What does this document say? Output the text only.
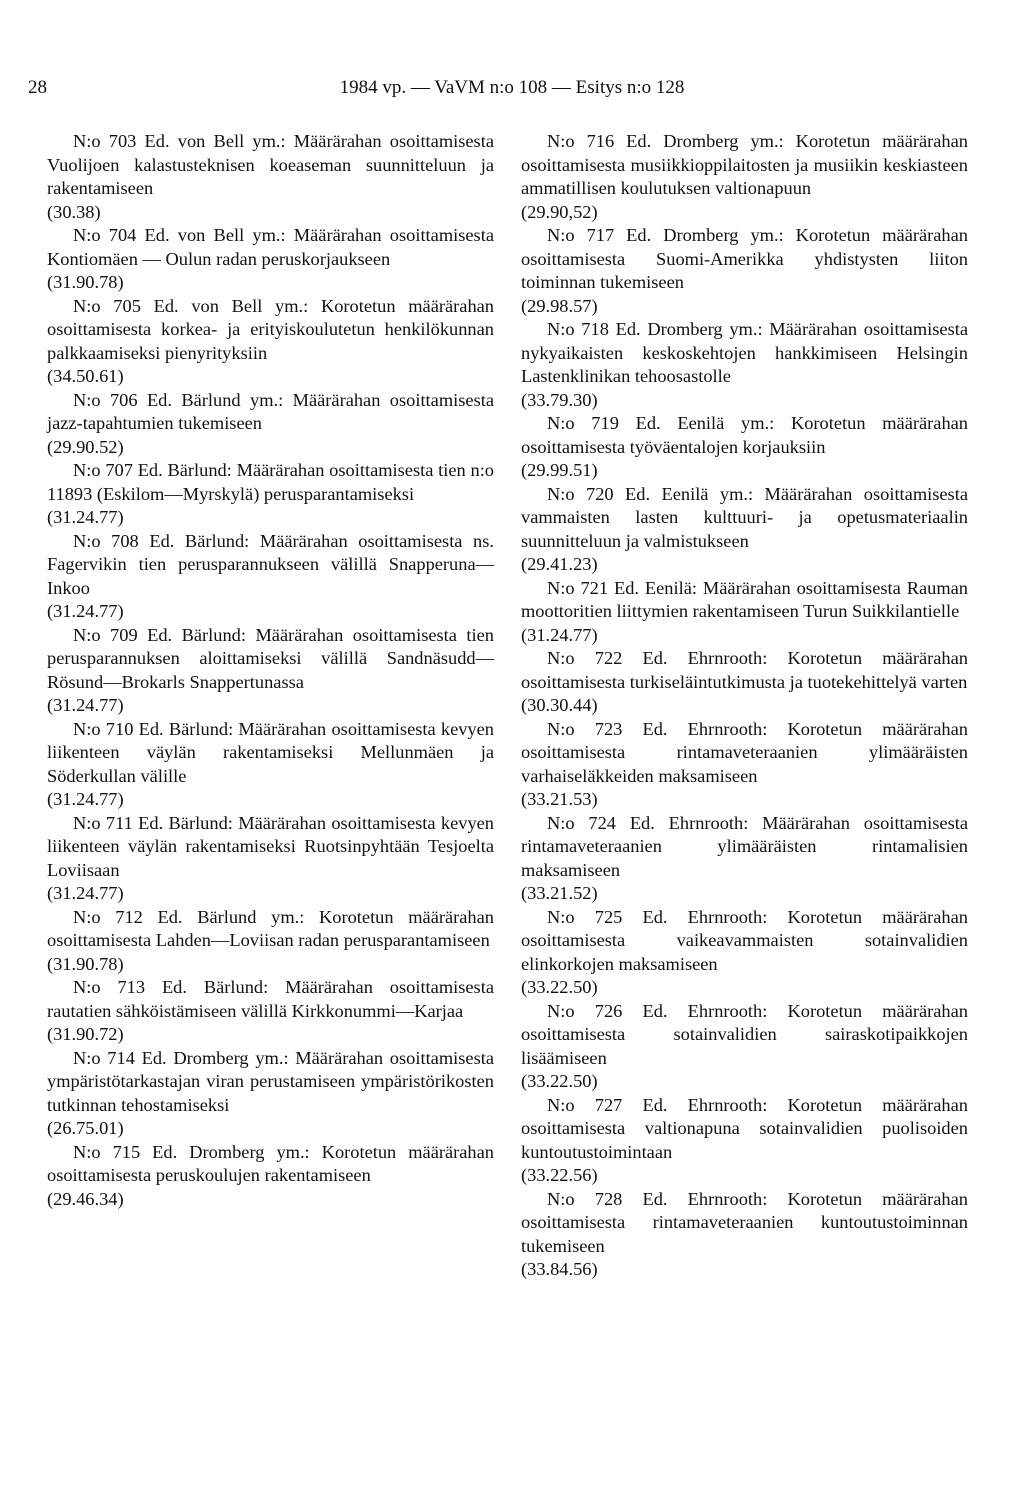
28	1984 vp. — VaVM n:o 108 — Esitys n:o 128

N:o 703 Ed. von Bell ym.: Määrärahan osoittamisesta Vuolijoen kalastusteknisen koeaseman suunnitteluun ja rakentamiseen

(30.38)

N:o 704 Ed. von Bell ym.: Määrärahan osoittamisesta Kontiomäen — Oulun radan peruskorjaukseen

(31.90.78)

N:o 705 Ed. von Bell ym.: Korotetun määrärahan osoittamisesta korkea- ja erityiskoulutetun henkilökunnan palkkaamiseksi pienyrityksiin

(34.50.61)

N:o 706 Ed. Bärlund ym.: Määrärahan osoittamisesta jazz-tapahtumien tukemiseen

(29.90.52)

N:o 707 Ed. Bärlund: Määrärahan osoittamisesta tien n:o 11893 (Eskilom—Myrskylä) perusparantamiseksi

(31.24.77)

N:o 708 Ed. Bärlund: Määrärahan osoittamisesta ns. Fagervikin tien perusparannukseen välillä Snapperuna—Inkoo

(31.24.77)

N:o 709 Ed. Bärlund: Määrärahan osoittamisesta tien perusparannuksen aloittamiseksi välillä Sandnäsudd—Rösund—Brokarls Snappertunassa

(31.24.77)

N:o 710 Ed. Bärlund: Määrärahan osoittamisesta kevyen liikenteen väylän rakentamiseksi Mellunmäen ja Söderkullan välille

(31.24.77)

N:o 711 Ed. Bärlund: Määrärahan osoittamisesta kevyen liikenteen väylän rakentamiseksi Ruotsinpyhtään Tesjoelta Loviisaan

(31.24.77)

N:o 712 Ed. Bärlund ym.: Korotetun määrärahan osoittamisesta Lahden—Loviisan radan perusparantamiseen

(31.90.78)

N:o 713 Ed. Bärlund: Määrärahan osoittamisesta rautatien sähköistämiseen välillä Kirkkonummi—Karjaa

(31.90.72)

N:o 714 Ed. Dromberg ym.: Määrärahan osoittamisesta ympäristötarkastajan viran perustamiseen ympäristörikosten tutkinnan tehostamiseksi

(26.75.01)

N:o 715 Ed. Dromberg ym.: Korotetun määrärahan osoittamisesta peruskoulujen rakentamiseen

(29.46.34)

N:o 716 Ed. Dromberg ym.: Korotetun määrärahan osoittamisesta musiikkioppilaitosten ja musiikin keskiasteen ammatillisen koulutuksen valtionapuun

(29.90,52)

N:o 717 Ed. Dromberg ym.: Korotetun määrärahan osoittamisesta Suomi-Amerikka yhdistysten liiton toiminnan tukemiseen

(29.98.57)

N:o 718 Ed. Dromberg ym.: Määrärahan osoittamisesta nykyaikaisten keskoskehtojen hankkimiseen Helsingin Lastenklinikan tehoosastolle

(33.79.30)

N:o 719 Ed. Eenilä ym.: Korotetun määrärahan osoittamisesta työväentalojen korjauksiin

(29.99.51)

N:o 720 Ed. Eenilä ym.: Määrärahan osoittamisesta vammaisten lasten kulttuuri- ja opetusmateriaalin suunnitteluun ja valmistukseen

(29.41.23)

N:o 721 Ed. Eenilä: Määrärahan osoittamisesta Rauman moottoritien liittymien rakentamiseen Turun Suikkilantielle

(31.24.77)

N:o 722 Ed. Ehrnrooth: Korotetun määrärahan osoittamisesta turkiseläintutkimusta ja tuotekehittelyä varten

(30.30.44)

N:o 723 Ed. Ehrnrooth: Korotetun määrärahan osoittamisesta rintamaveteraanien ylimääräisten varhaiseläkkeiden maksamiseen

(33.21.53)

N:o 724 Ed. Ehrnrooth: Määrärahan osoittamisesta rintamaveteraanien ylimääräisten rintamalisien maksamiseen

(33.21.52)

N:o 725 Ed. Ehrnrooth: Korotetun määrärahan osoittamisesta vaikeavammaisten sotainvalidien elinkorkojen maksamiseen

(33.22.50)

N:o 726 Ed. Ehrnrooth: Korotetun määrärahan osoittamisesta sotainvalidien sairaskotipaikkojen lisäämiseen

(33.22.50)

N:o 727 Ed. Ehrnrooth: Korotetun määrärahan osoittamisesta valtionapuna sotainvalidien puolisoiden kuntoutustoimintaan

(33.22.56)

N:o 728 Ed. Ehrnrooth: Korotetun määrärahan osoittamisesta rintamaveteraanien kuntoutustoiminnan tukemiseen

(33.84.56)
